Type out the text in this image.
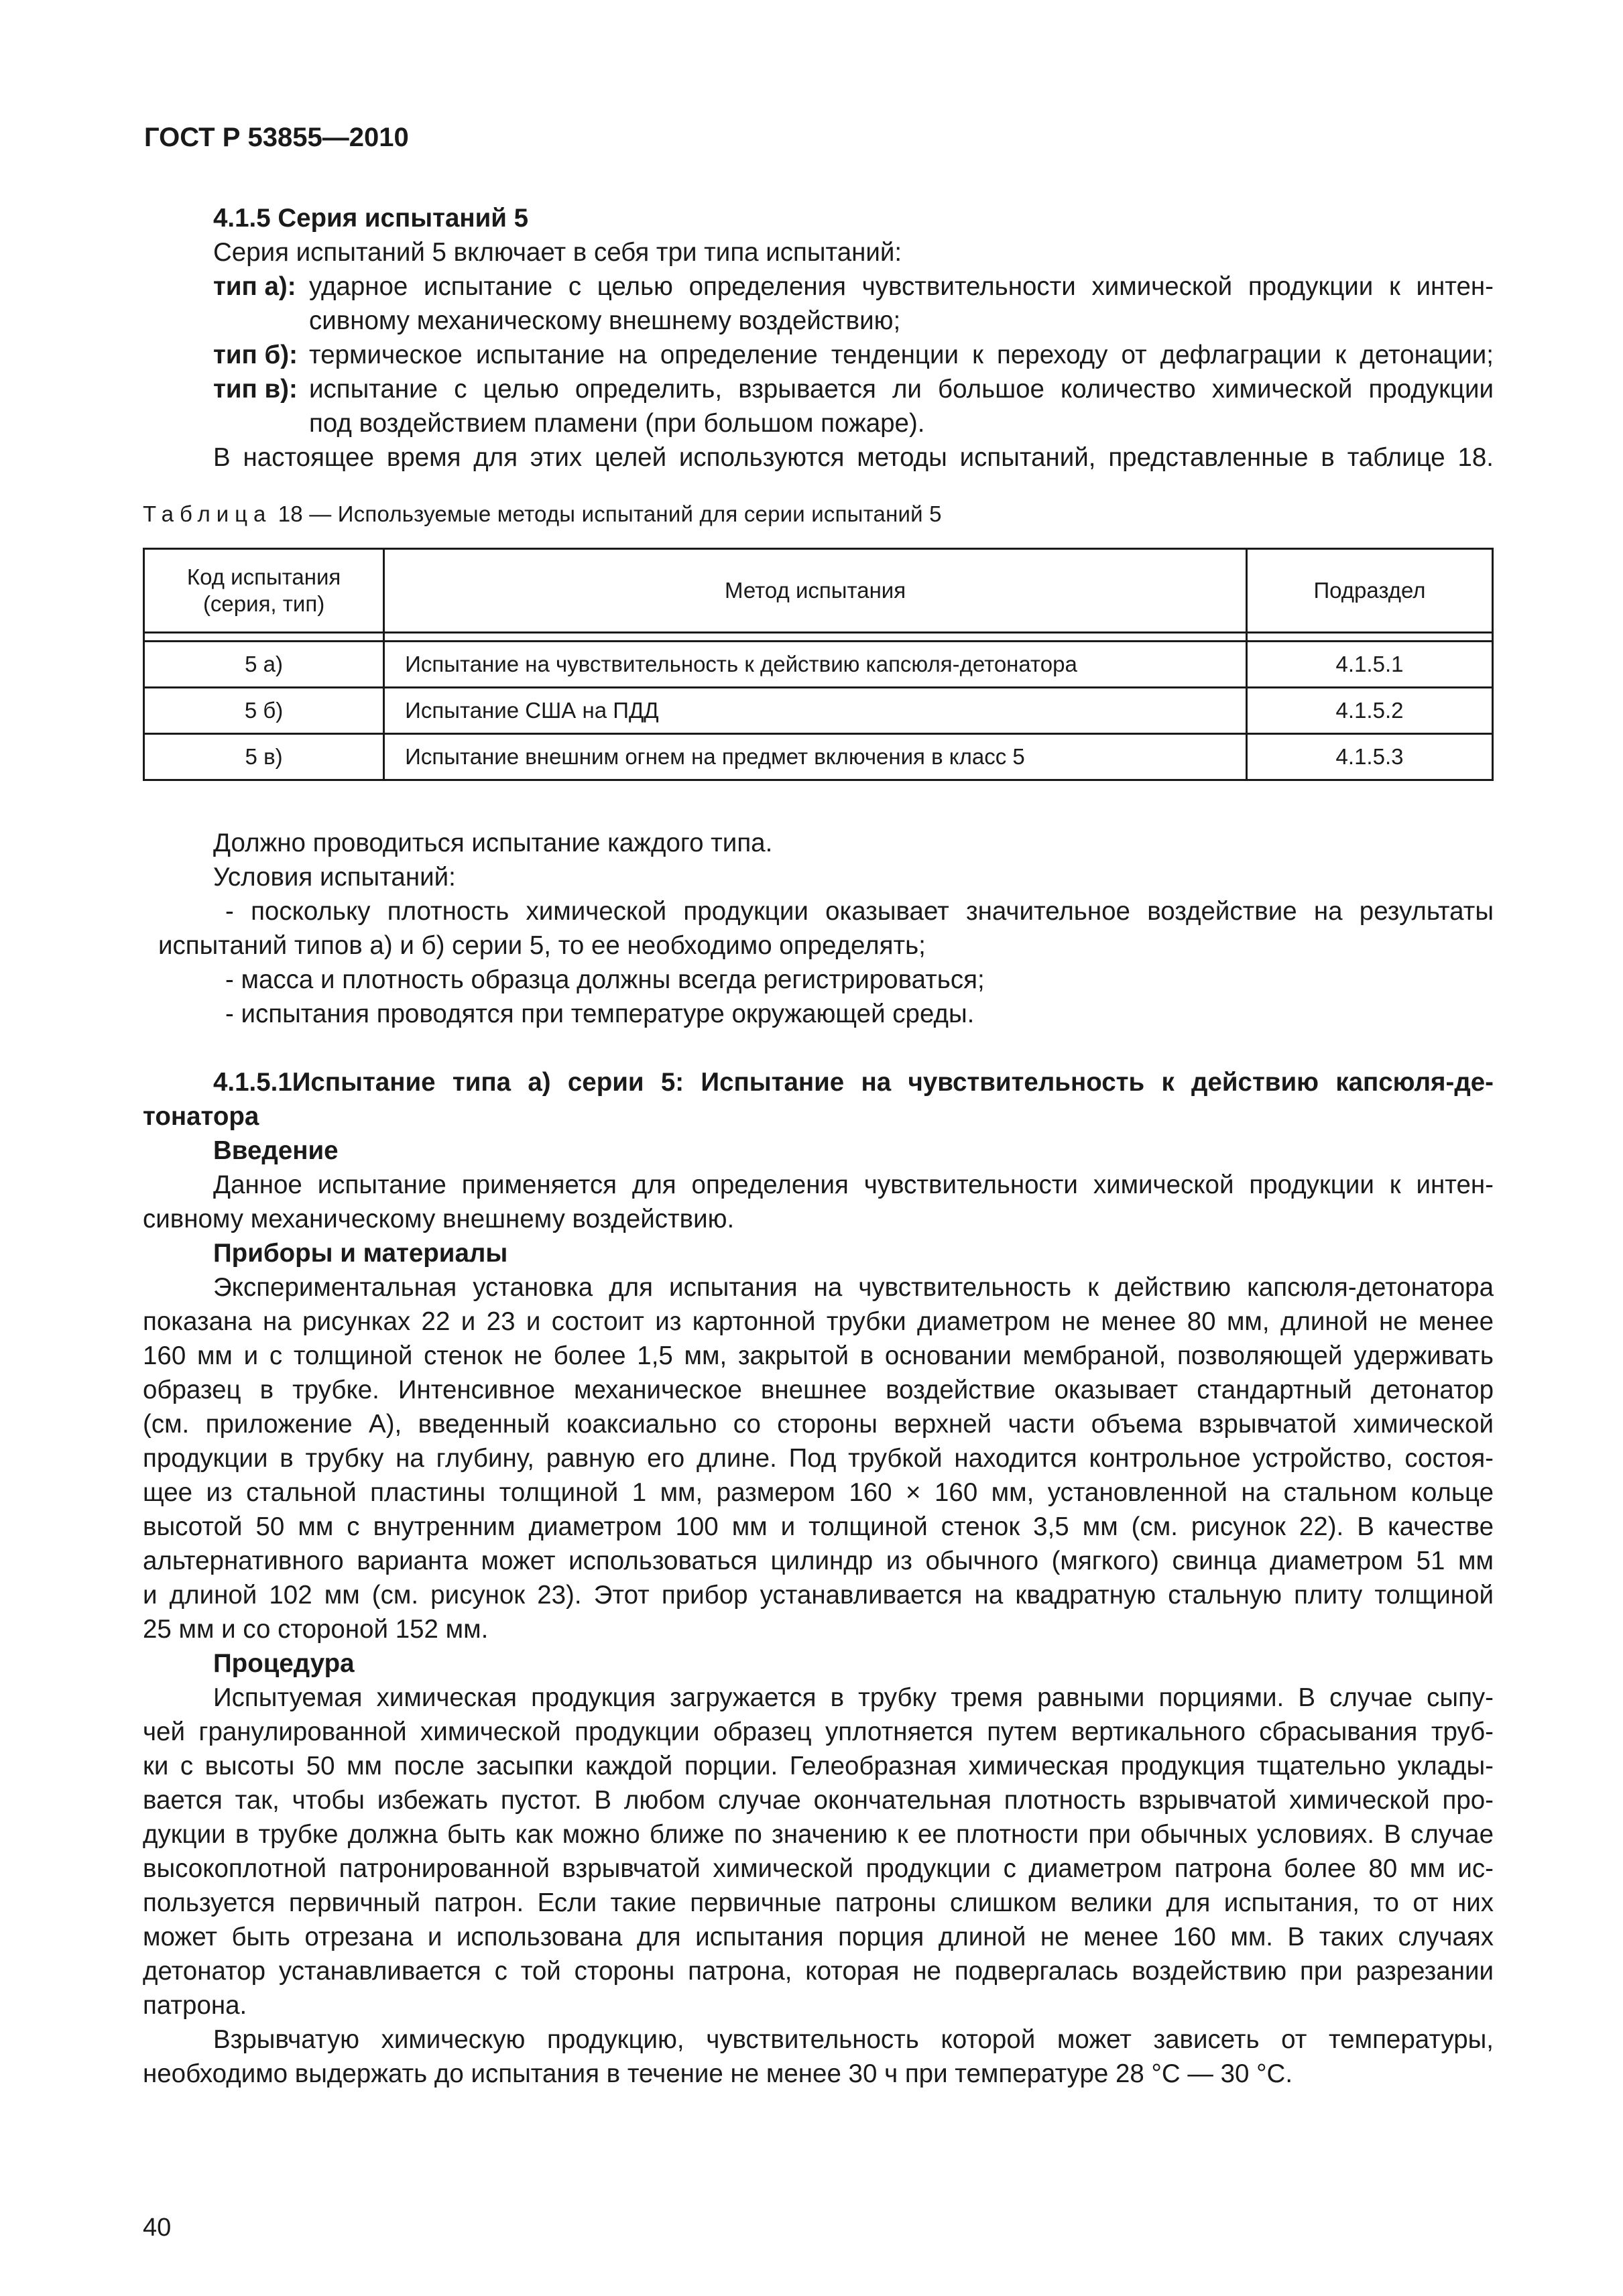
ГОСТ Р 53855—2010
4.1.5 Серия испытаний 5
Серия испытаний 5 включает в себя три типа испытаний:
тип а): ударное испытание с целью определения чувствительности химической продукции к интен-
сивному механическому внешнему воздействию;
тип б): термическое испытание на определение тенденции к переходу от дефлаграции к детонации;
тип в): испытание с целью определить, взрывается ли большое количество химической продукции
под воздействием пламени (при большом пожаре).
В настоящее время для этих целей используются методы испытаний, представленные в таблице 18.
Таблица 18 — Используемые методы испытаний для серии испытаний 5
Код испытания
(серия, тип)	Метод испытания	Подраздел

5 а)	Испытание на чувствительность к действию капсюля-детонатора	4.1.5.1
5 б)	Испытание США на ПДД	4.1.5.2
5 в)	Испытание внешним огнем на предмет включения в класс 5	4.1.5.3
Должно проводиться испытание каждого типа.
Условия испытаний:
- поскольку плотность химической продукции оказывает значительное воздействие на результаты
испытаний типов а) и б) серии 5, то ее необходимо определять;
- масса и плотность образца должны всегда регистрироваться;
- испытания проводятся при температуре окружающей среды.
4.1.5.1Испытание типа а) серии 5: Испытание на чувствительность к действию капсюля-де-
тонатора
Введение
Данное испытание применяется для определения чувствительности химической продукции к интен-
сивному механическому внешнему воздействию.
Приборы и материалы
Экспериментальная установка для испытания на чувствительность к действию капсюля-детонатора
показана на рисунках 22 и 23 и состоит из картонной трубки диаметром не менее 80 мм, длиной не менее
160 мм и с толщиной стенок не более 1,5 мм, закрытой в основании мембраной, позволяющей удерживать
образец в трубке. Интенсивное механическое внешнее воздействие оказывает стандартный детонатор
(см. приложение А), введенный коаксиально со стороны верхней части объема взрывчатой химической
продукции в трубку на глубину, равную его длине. Под трубкой находится контрольное устройство, состоя-
щее из стальной пластины толщиной 1 мм, размером 160 × 160 мм, установленной на стальном кольце
высотой 50 мм с внутренним диаметром 100 мм и толщиной стенок 3,5 мм (см. рисунок 22). В качестве
альтернативного варианта может использоваться цилиндр из обычного (мягкого) свинца диаметром 51 мм
и длиной 102 мм (см. рисунок 23). Этот прибор устанавливается на квадратную стальную плиту толщиной
25 мм и со стороной 152 мм.
Процедура
Испытуемая химическая продукция загружается в трубку тремя равными порциями. В случае сыпу-
чей гранулированной химической продукции образец уплотняется путем вертикального сбрасывания труб-
ки с высоты 50 мм после засыпки каждой порции. Гелеобразная химическая продукция тщательно уклады-
вается так, чтобы избежать пустот. В любом случае окончательная плотность взрывчатой химической про-
дукции в трубке должна быть как можно ближе по значению к ее плотности при обычных условиях. В случае
высокоплотной патронированной взрывчатой химической продукции с диаметром патрона более 80 мм ис-
пользуется первичный патрон. Если такие первичные патроны слишком велики для испытания, то от них
может быть отрезана и использована для испытания порция длиной не менее 160 мм. В таких случаях
детонатор устанавливается с той стороны патрона, которая не подвергалась воздействию при разрезании
патрона.
Взрывчатую химическую продукцию, чувствительность которой может зависеть от температуры,
необходимо выдержать до испытания в течение не менее 30 ч при температуре 28 °С — 30 °С.
40
